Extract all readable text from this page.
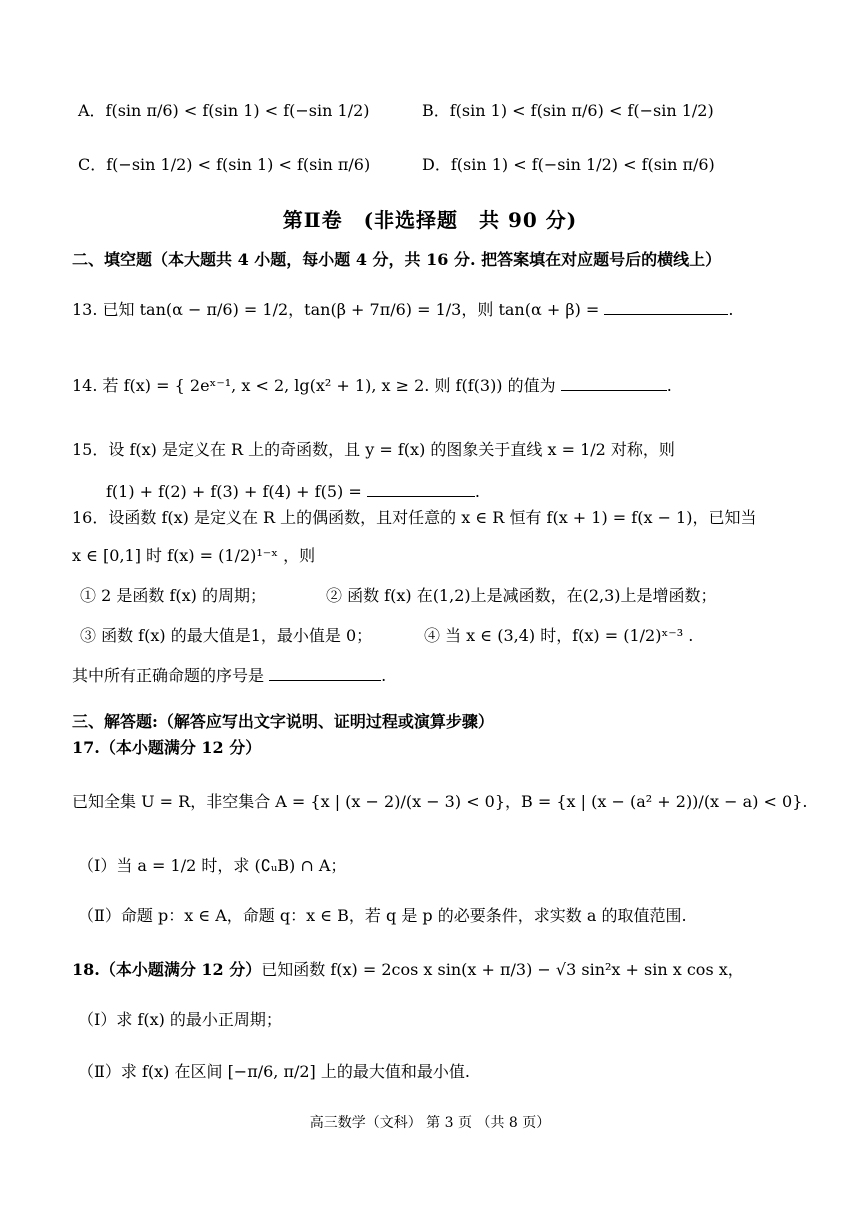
A．f(sin π/6) < f(sin 1) < f(−sin 1/2)	B．f(sin 1) < f(sin π/6) < f(−sin 1/2)
C．f(−sin 1/2) < f(sin 1) < f(sin π/6)	D．f(sin 1) < f(−sin 1/2) < f(sin π/6)
第Ⅱ卷　(非选择题　共 90 分)
二、填空题（本大题共 4 小题，每小题 4 分，共 16 分. 把答案填在对应题号后的横线上）
13. 已知 tan(α − π/6) = 1/2，tan(β + 7π/6) = 1/3，则 tan(α + β) =	.
14. 若 f(x) = { 2eˣ⁻¹, x < 2, lg(x² + 1), x ≥ 2. 则 f(f(3)) 的值为	.
15．设 f(x) 是定义在 R 上的奇函数，且 y = f(x) 的图象关于直线 x = 1/2 对称，则
f(1) + f(2) + f(3) + f(4) + f(5) =	.
16．设函数 f(x) 是定义在 R 上的偶函数，且对任意的 x ∈ R 恒有 f(x + 1) = f(x − 1)，已知当
x ∈ [0,1] 时 f(x) = (1/2)¹⁻ˣ ，则
① 2 是函数 f(x) 的周期；	② 函数 f(x) 在(1,2)上是减函数，在(2,3)上是增函数；
③ 函数 f(x) 的最大值是1，最小值是 0；	④ 当 x ∈ (3,4) 时，f(x) = (1/2)ˣ⁻³ .
其中所有正确命题的序号是	.
三、解答题:（解答应写出文字说明、证明过程或演算步骤）
17.（本小题满分 12 分）
已知全集 U = R，非空集合 A = {x | (x − 2)/(x − 3) < 0}，B = {x | (x − (a² + 2))/(x − a) < 0}.
（Ⅰ）当 a = 1/2 时，求 (∁ᵤB) ∩ A；
（Ⅱ）命题 p：x ∈ A，命题 q：x ∈ B，若 q 是 p 的必要条件，求实数 a 的取值范围.
18.（本小题满分 12 分）已知函数 f(x) = 2cos x sin(x + π/3) − √3 sin²x + sin x cos x，
（Ⅰ）求 f(x) 的最小正周期；
（Ⅱ）求 f(x) 在区间 [−π/6, π/2] 上的最大值和最小值.
高三数学（文科） 第 3 页 （共 8 页）
